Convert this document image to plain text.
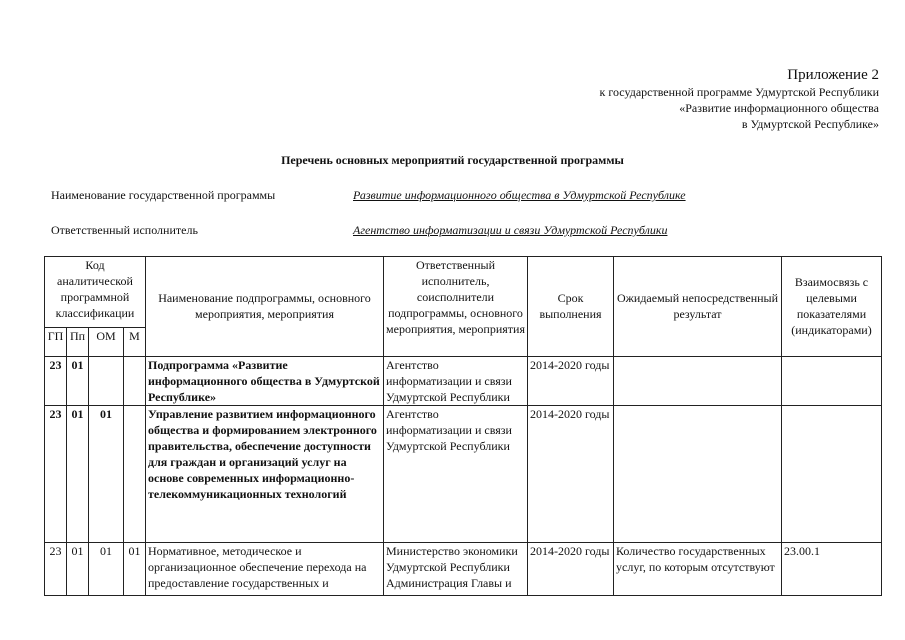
Приложение 2
к государственной программе Удмуртской Республики
«Развитие информационного общества
в Удмуртской Республике»
Перечень основных мероприятий государственной программы
Наименование государственной программы	Развитие информационного общества в Удмуртской Республике
Ответственный исполнитель	Агентство информатизации и связи Удмуртской Республики
Код аналитической программной классификации				Наименование подпрограммы, основного мероприятия, мероприятия	Ответственный исполнитель, соисполнители подпрограммы, основного мероприятия, мероприятия	Срок выполнения	Ожидаемый непосредственный результат	Взаимосвязь с целевыми показателями (индикаторами)
ГП	Пп	ОМ	М					
23	01			Подпрограмма «Развитие информационного общества в Удмуртской Республике»	Агентство информатизации и связи Удмуртской Республики	2014-2020 годы		
23	01	01		Управление развитием информационного общества и формированием электронного правительства, обеспечение доступности для граждан и организаций услуг на основе современных информационно-телекоммуникационных технологий	Агентство информатизации и связи Удмуртской Республики	2014-2020 годы		
23	01	01	01	Нормативное, методическое и организационное обеспечение перехода на предоставление государственных и	Министерство экономики Удмуртской Республики Администрация Главы и	2014-2020 годы	Количество государственных услуг, по которым отсутствуют	23.00.1
